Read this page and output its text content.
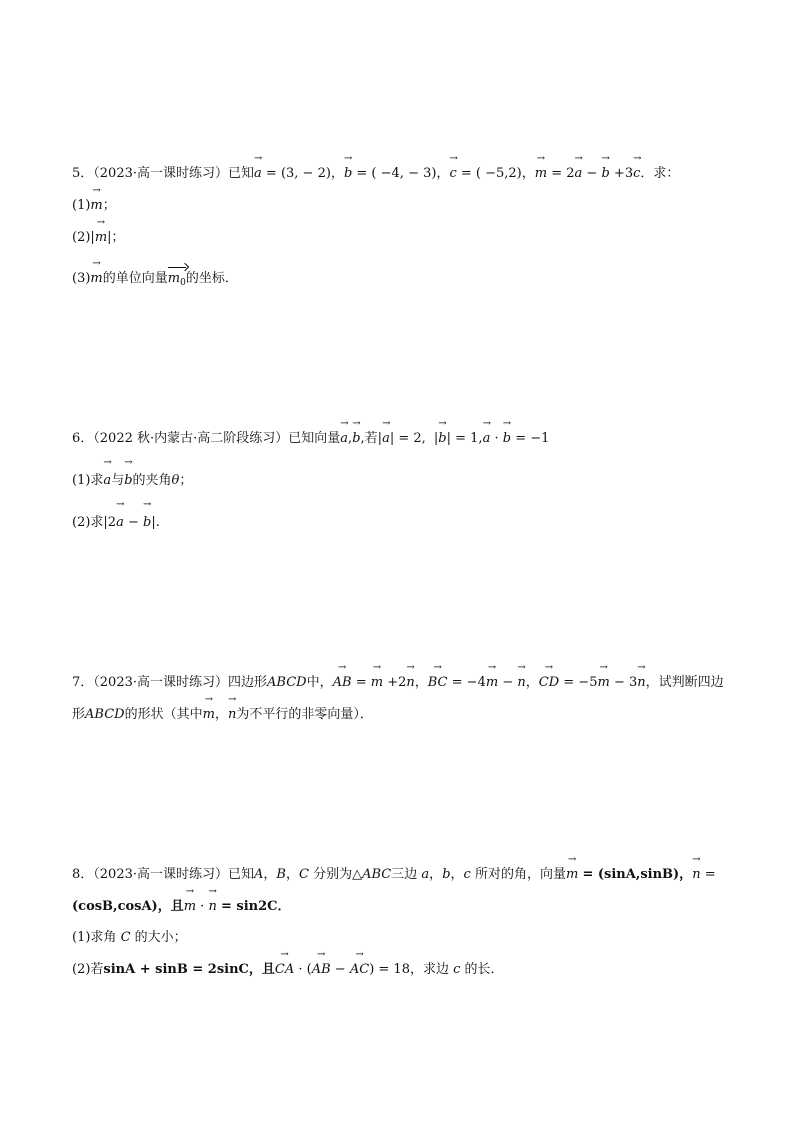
5．（2023·高一课时练习）已知→ a = (3, − 2)，→ b = ( −4, − 3)，→ c = ( −5,2)，→ m = 2→ a − → b +3→ c．求：
(1)→ m；
(2)|→ m|；
(3)→ m的单位向量$m_0$的坐标．
6．（2022 秋·内蒙古·高二阶段练习）已知向量→ a,→ b,若|→ a| = 2, |→ b| = 1,→ a · → b = −1
(1)求→ a与→ b的夹角θ；
(2)求|2→ a − → b|.
7．（2023·高一课时练习）四边形ABCD中，→ AB = → m +2→ n，→ BC = −4→ m − → n，→ CD = −5→ m − 3→ n，试判断四边
形ABCD的形状（其中→ m，→ n为不平行的非零向量）．
8．（2023·高一课时练习）已知A，B，C 分别为△ABC三边 a，b，c 所对的角，向量→ m = (sinA,sinB)，→ n =
(cosB,cosA)，且→ m · → n = sin2C．
(1)求角 C 的大小；
(2)若sinA + sinB = 2sinC，且→ CA · (→ AB − → AC) = 18，求边 c 的长．
